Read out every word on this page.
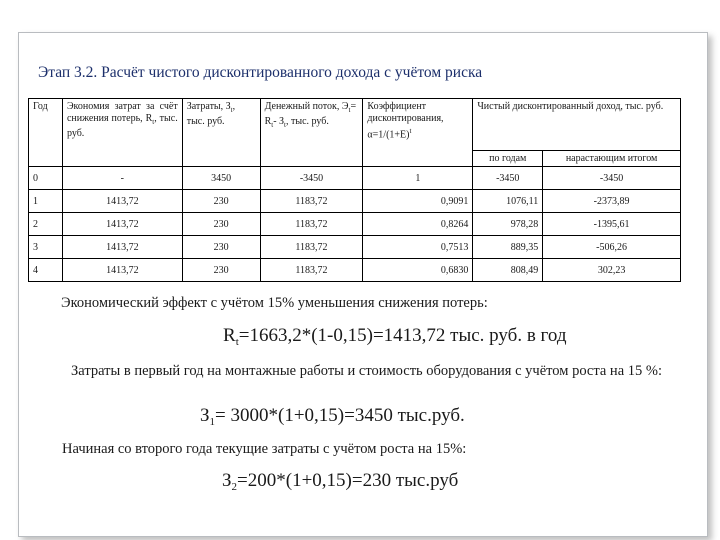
Этап 3.2. Расчёт чистого дисконтированного дохода с учётом риска
Год	Экономия затрат за счёт снижения потерь, $R_t$, тыс. руб.	Затраты, $З_t$, тыс. руб.	Денежный поток, $Э_t= R_t-$ $З_t$, тыс. руб.	Коэффициент дисконтирования, $\alpha=1/(1+E)^t$	Чистый дисконтированный доход, тыс. руб.	
					по годам	нарастающим итогом
0	-	3450	-3450	1	-3450	-3450
1	1413,72	230	1183,72	0,9091	1076,11	-2373,89
2	1413,72	230	1183,72	0,8264	978,28	-1395,61
3	1413,72	230	1183,72	0,7513	889,35	-506,26
4	1413,72	230	1183,72	0,6830	808,49	302,23
Экономический эффект с учётом 15% уменьшения снижения потерь:
$R_t=1663,2*(1-0,15)=1413,72$ тыс. руб. в год
Затраты в первый год на монтажные работы и стоимость оборудования с учётом роста на 15 %:
$З_1= 3000*(1+0,15)=3450$ тыс.руб.
Начиная со второго года текущие затраты с учётом роста на 15%:
$З_2=200*(1+0,15)=230$ тыс.руб
